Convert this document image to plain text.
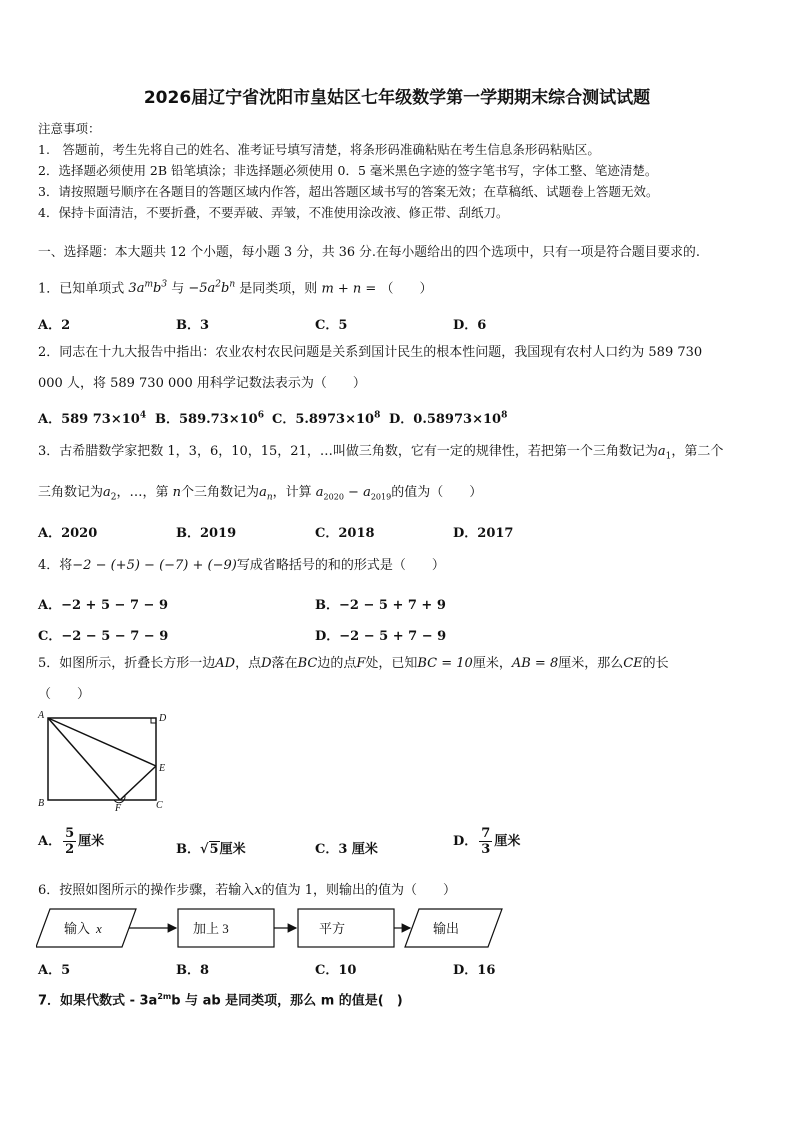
2026届辽宁省沈阳市皇姑区七年级数学第一学期期末综合测试试题
注意事项：
1.　答题前，考生先将自己的姓名、准考证号填写清楚，将条形码准确粘贴在考生信息条形码粘贴区。
2．选择题必须使用 2B 铅笔填涂；非选择题必须使用 0．5 毫米黑色字迹的签字笔书写，字体工整、笔迹清楚。
3．请按照题号顺序在各题目的答题区域内作答，超出答题区域书写的答案无效；在草稿纸、试题卷上答题无效。
4．保持卡面清洁，不要折叠，不要弄破、弄皱，不准使用涂改液、修正带、刮纸刀。
一、选择题：本大题共 12 个小题，每小题 3 分，共 36 分.在每小题给出的四个选项中，只有一项是符合题目要求的.
1．已知单项式 $3a^mb^3$ 与 $-5a^2b^n$ 是同类项，则 m + n = （　　）
A．2	B．3	C．5	D．6
2．同志在十九大报告中指出：农业农村农民问题是关系到国计民生的根本性问题，我国现有农村人口约为 589 730
000 人，将 589 730 000 用科学记数法表示为（　　）
A．589 $73\times 10^4$ B．$589.73\times 10^6$ C．$5.8973\times 10^8$ D．$0.58973\times 10^8$
3．古希腊数学家把数 1，3，6，10，15，21，…叫做三角数，它有一定的规律性，若把第一个三角数记为$a_1$，第二个
三角数记为$a_2$，…，第 n个三角数记为$a_n$，计算 $a_{2020} - a_{2019}$的值为（　　）
A．2020	B．2019	C．2018	D．2017
4．将−2 − (+5) − (−7) + (−9)写成省略括号的和的形式是（　　）
A．−2 + 5 − 7 − 9	B．−2 − 5 + 7 + 9
C．−2 − 5 − 7 − 9	D．−2 − 5 + 7 − 9
5．如图所示，折叠长方形一边AD，点D落在BC边的点F处，已知BC = 10厘米，AB = 8厘米，那么CE的长
（　　）
A	D
E
B	F	C
A． $\frac{5}{2}$ 厘米
B．√5厘米	C．3 厘米
D． $\frac{7}{3}$ 厘米
6．按照如图所示的操作步骤，若输入x的值为 1，则输出的值为（　　）
输入 x	加上 3	平方	输出
A．5	B．8	C．10	D．16
7．如果代数式 - $3a^{2m}b$ 与 ab 是同类项，那么 m 的值是(　)
